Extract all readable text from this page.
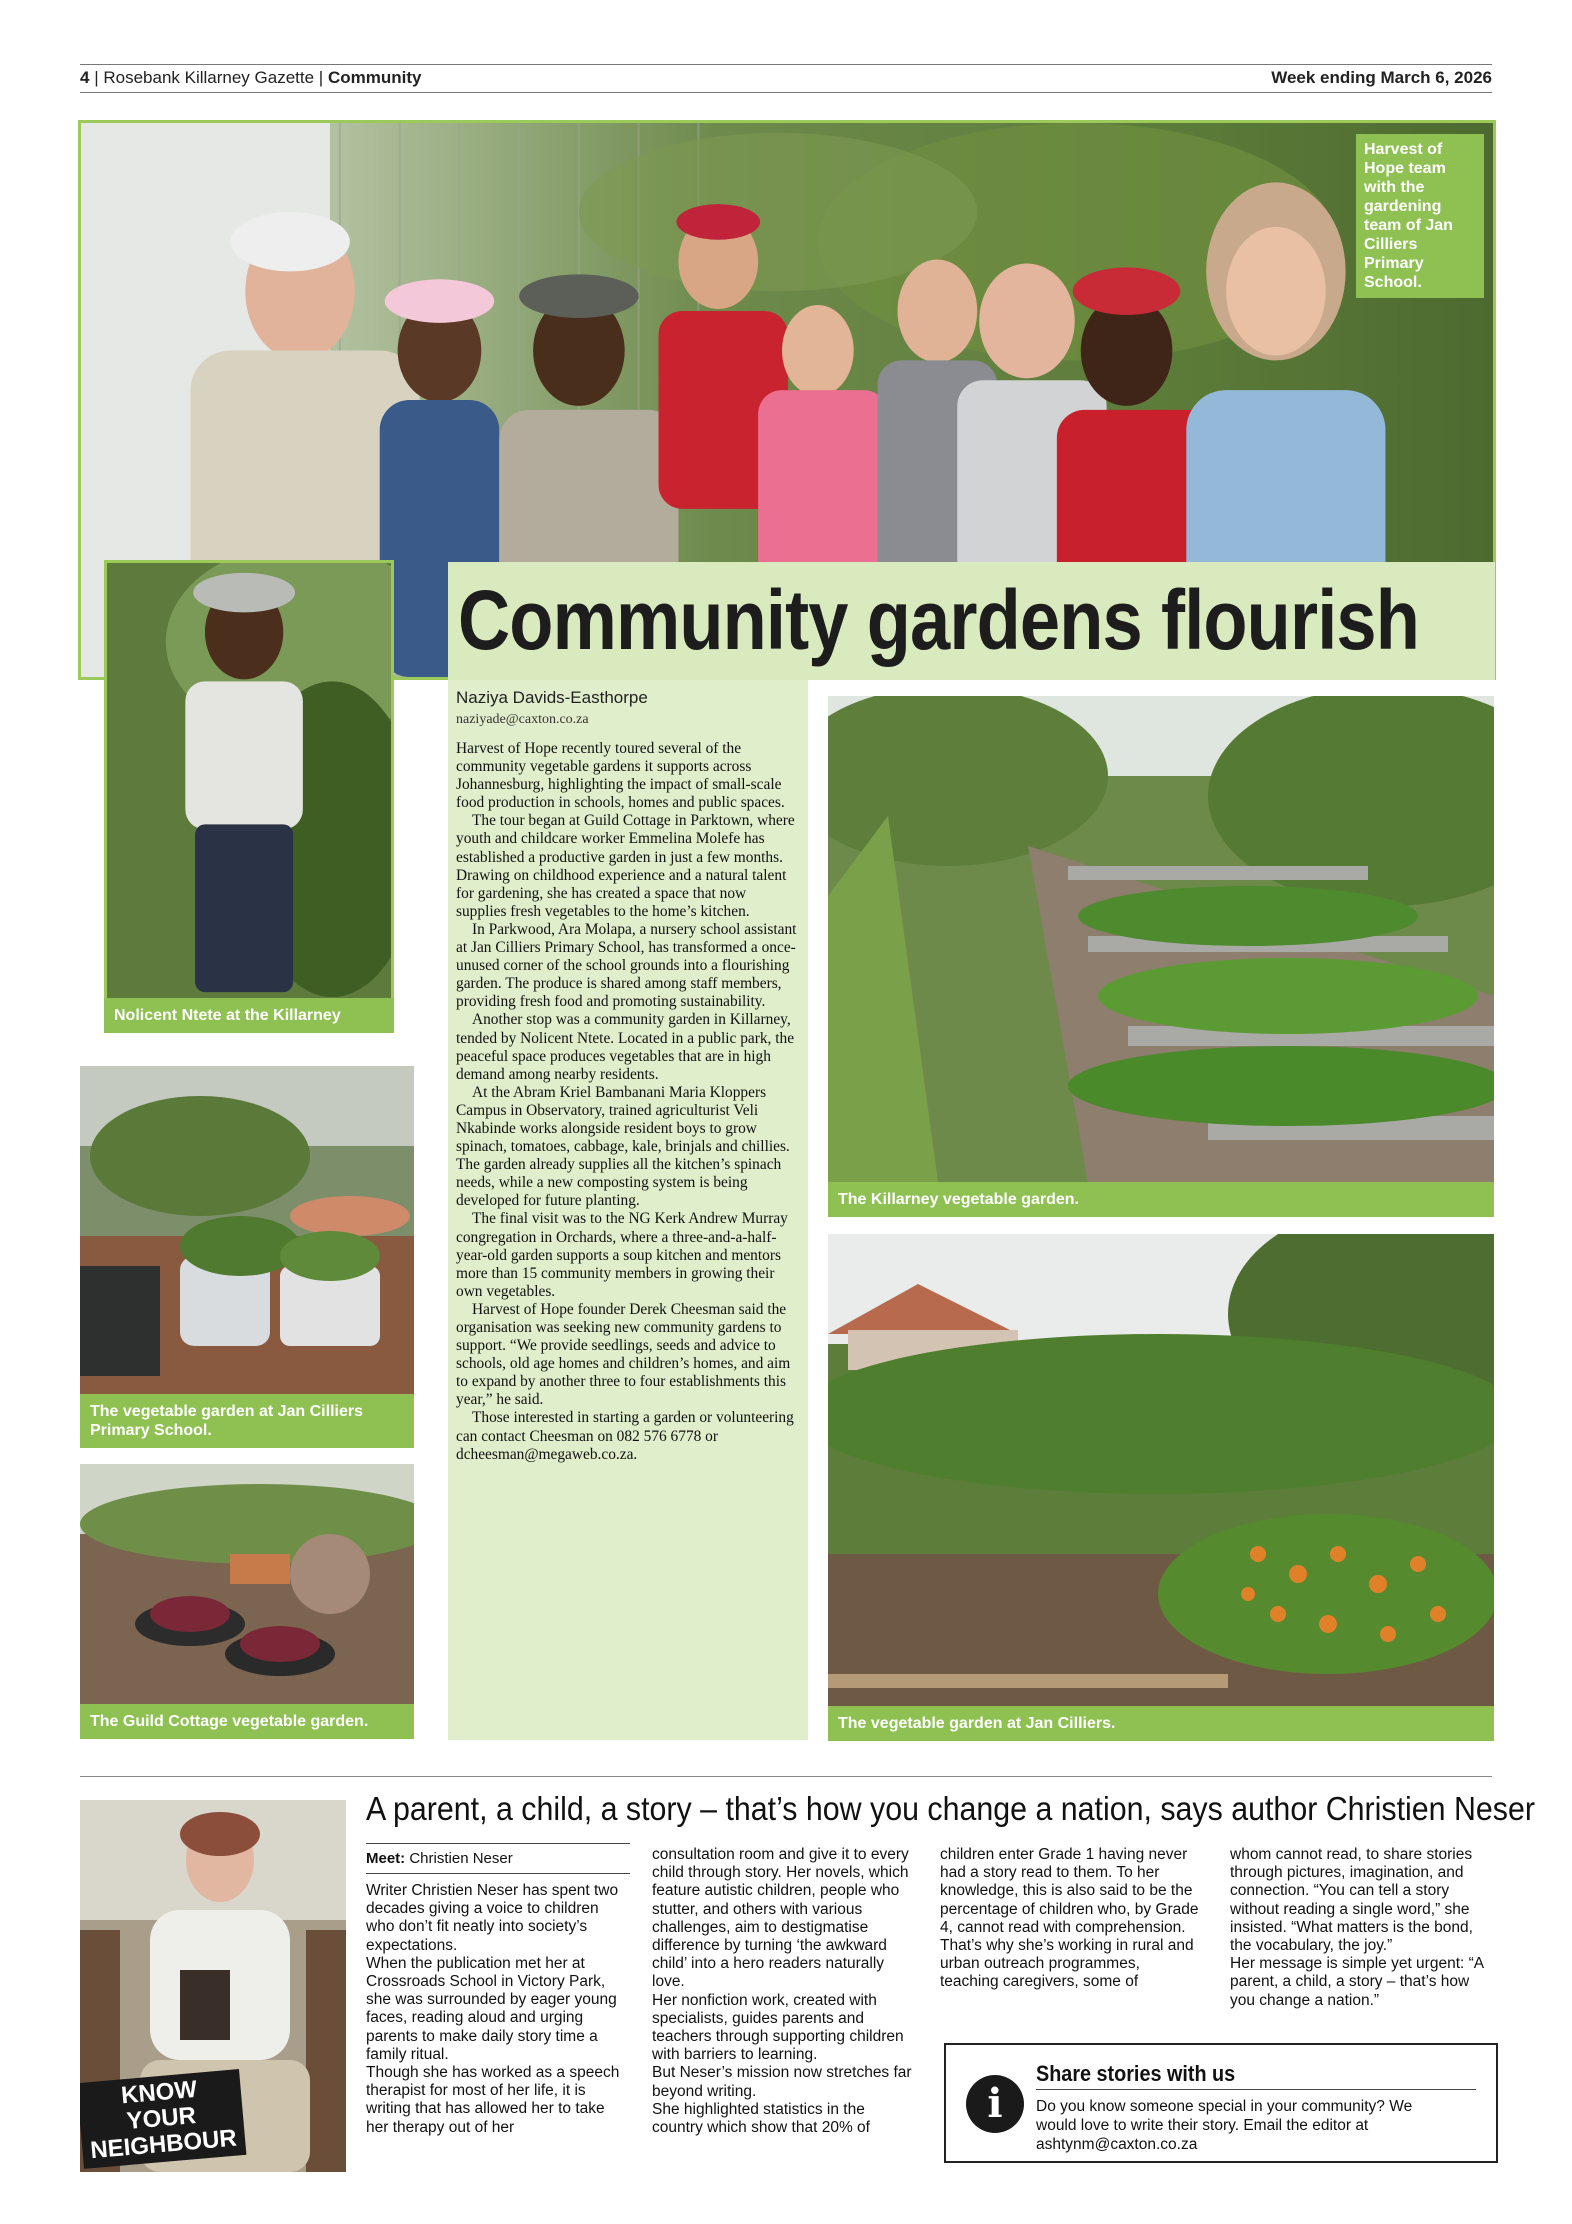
4 | Rosebank Killarney Gazette | Community	Week ending March 6, 2026
Harvest of Hope team with the gardening team of Jan Cilliers Primary School.
Community gardens flourish
Nolicent Ntete at the Killarney
The vegetable garden at Jan Cilliers Primary School.
The Guild Cottage vegetable garden.
Naziya Davids-Easthorpe
naziyade@caxton.co.za

Harvest of Hope recently toured several of the community vegetable gardens it supports across Johannesburg, highlighting the impact of small-scale food production in schools, homes and public spaces.

The tour began at Guild Cottage in Parktown, where youth and childcare worker Emmelina Molefe has established a productive garden in just a few months. Drawing on childhood experience and a natural talent for gardening, she has created a space that now supplies fresh vegetables to the home’s kitchen.

In Parkwood, Ara Molapa, a nursery school assistant at Jan Cilliers Primary School, has transformed a once-unused corner of the school grounds into a flourishing garden. The produce is shared among staff members, providing fresh food and promoting sustainability.

Another stop was a community garden in Killarney, tended by Nolicent Ntete. Located in a public park, the peaceful space produces vegetables that are in high demand among nearby residents.

At the Abram Kriel Bambanani Maria Kloppers Campus in Observatory, trained agriculturist Veli Nkabinde works alongside resident boys to grow spinach, tomatoes, cabbage, kale, brinjals and chillies. The garden already supplies all the kitchen’s spinach needs, while a new composting system is being developed for future planting.

The final visit was to the NG Kerk Andrew Murray congregation in Orchards, where a three-and-a-half-year-old garden supports a soup kitchen and mentors more than 15 community members in growing their own vegetables.

Harvest of Hope founder Derek Cheesman said the organisation was seeking new community gardens to support. “We provide seedlings, seeds and advice to schools, old age homes and children’s homes, and aim to expand by another three to four establishments this year,” he said.

Those interested in starting a garden or volunteering can contact Cheesman on 082 576 6778 or dcheesman@megaweb.co.za.

The Killarney vegetable garden.
The vegetable garden at Jan Cilliers.
KNOW YOUR NEIGHBOUR
A parent, a child, a story – that’s how you change a nation, says author Christien Neser
Meet: Christien Neser
Writer Christien Neser has spent two decades giving a voice to children who don’t fit neatly into society’s expectations.
When the publication met her at Crossroads School in Victory Park, she was surrounded by eager young faces, reading aloud and urging parents to make daily story time a family ritual.
Though she has worked as a speech therapist for most of her life, it is writing that has allowed her to take her therapy out of her
consultation room and give it to every child through story. Her novels, which feature autistic children, people who stutter, and others with various challenges, aim to destigmatise difference by turning ‘the awkward child’ into a hero readers naturally love.
Her nonfiction work, created with specialists, guides parents and teachers through supporting children with barriers to learning.
But Neser’s mission now stretches far beyond writing.
She highlighted statistics in the country which show that 20% of
children enter Grade 1 having never had a story read to them. To her knowledge, this is also said to be the percentage of children who, by Grade 4, cannot read with comprehension.
That’s why she’s working in rural and urban outreach programmes, teaching caregivers, some of
whom cannot read, to share stories through pictures, imagination, and connection. “You can tell a story without reading a single word,” she insisted. “What matters is the bond, the vocabulary, the joy.”
Her message is simple yet urgent: “A parent, a child, a story – that’s how you change a nation.”
i
Share stories with us
Do you know someone special in your community? We would love to write their story. Email the editor at ashtynm@caxton.co.za
